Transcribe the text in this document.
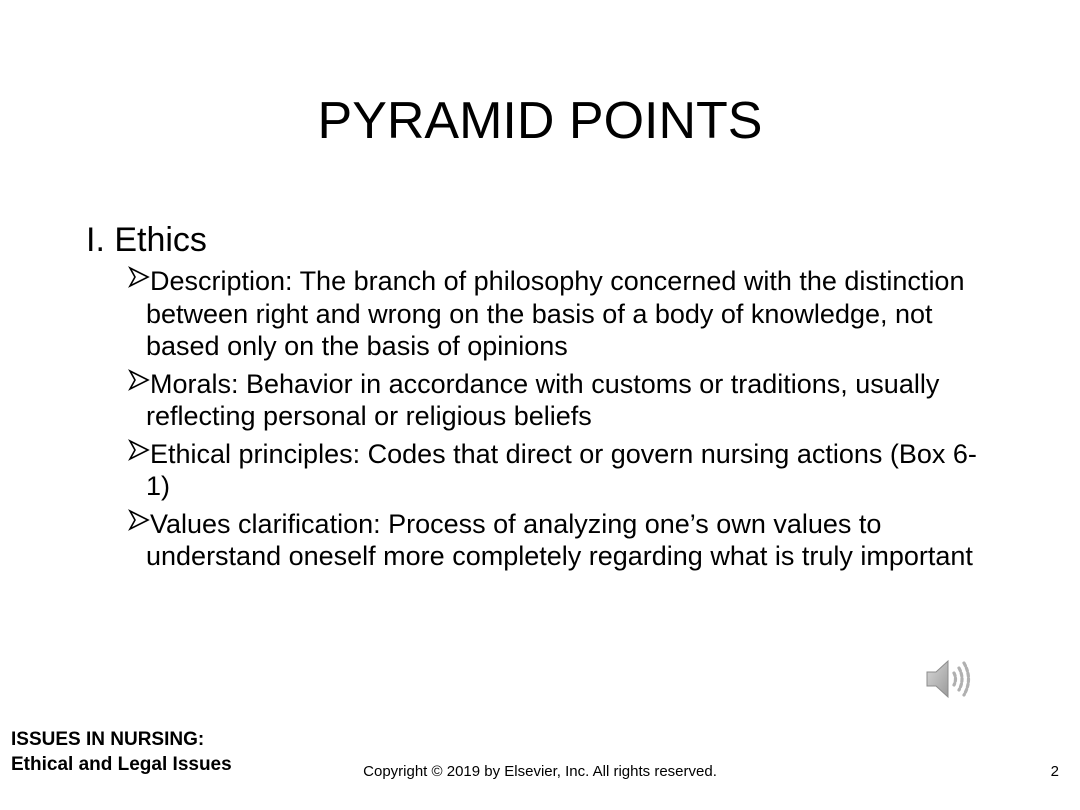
PYRAMID POINTS
I. Ethics
Description: The branch of philosophy concerned with the distinction between right and wrong on the basis of a body of knowledge, not based only on the basis of opinions
Morals: Behavior in accordance with customs or traditions, usually reflecting personal or religious beliefs
Ethical principles: Codes that direct or govern nursing actions (Box 6-1)
Values clarification: Process of analyzing one’s own values to understand oneself more completely regarding what is truly important
ISSUES IN NURSING:
Ethical and Legal Issues	Copyright © 2019 by Elsevier, Inc. All rights reserved.	2
